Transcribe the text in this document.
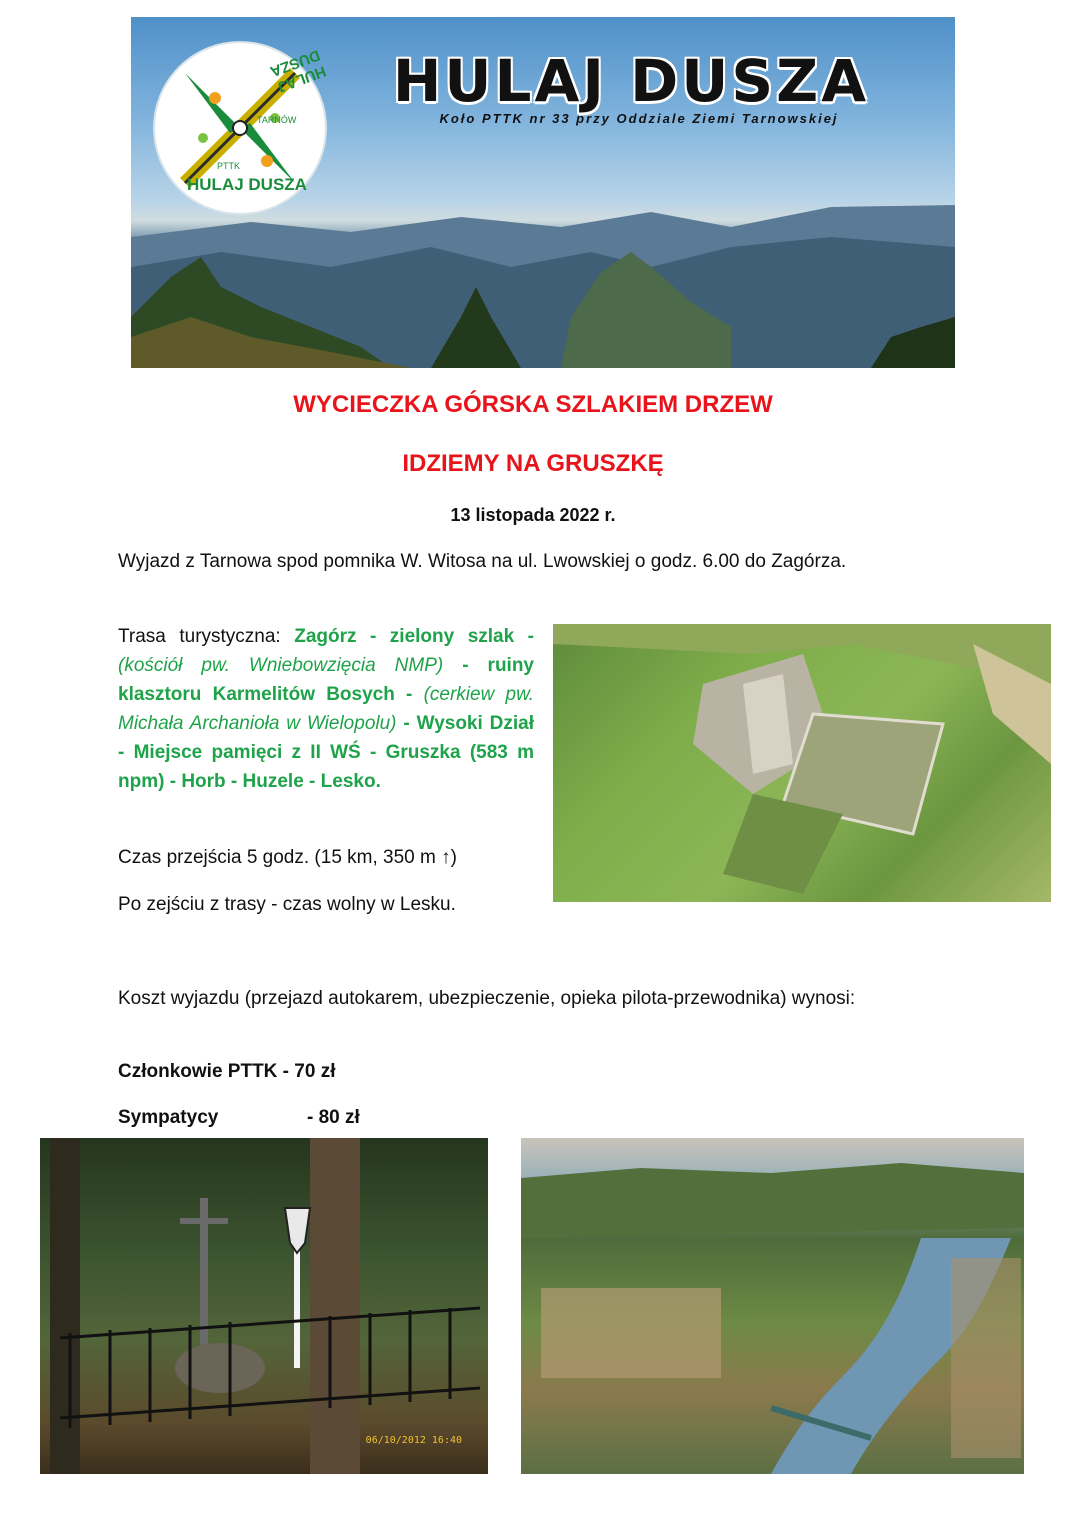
HULAJ DUSZA
HULAJ DUSZA
PTTK
TARNÓW
HULAJ DUSZA
Koło PTTK nr 33 przy Oddziale Ziemi Tarnowskiej
WYCIECZKA GÓRSKA SZLAKIEM DRZEW
IDZIEMY NA GRUSZKĘ
13 listopada 2022 r.
Wyjazd z Tarnowa spod pomnika W. Witosa na ul. Lwowskiej o godz. 6.00 do Zagórza.
Trasa turystyczna: Zagórz - zielony szlak - (kościół pw. Wniebowzięcia NMP) - ruiny klasztoru Karmelitów Bosych - (cerkiew pw. Michała Archanioła w Wielopolu) - Wysoki Dział - Miejsce pamięci z II WŚ - Gruszka (583 m npm) - Horb - Huzele - Lesko.
Czas przejścia 5 godz. (15 km, 350 m ↑)
Po zejściu z trasy - czas wolny w Lesku.
Koszt wyjazdu (przejazd autokarem, ubezpieczenie, opieka pilota-przewodnika) wynosi:
Członkowie PTTK - 70 zł
Sympatycy	- 80 zł
06/10/2012 16:40
